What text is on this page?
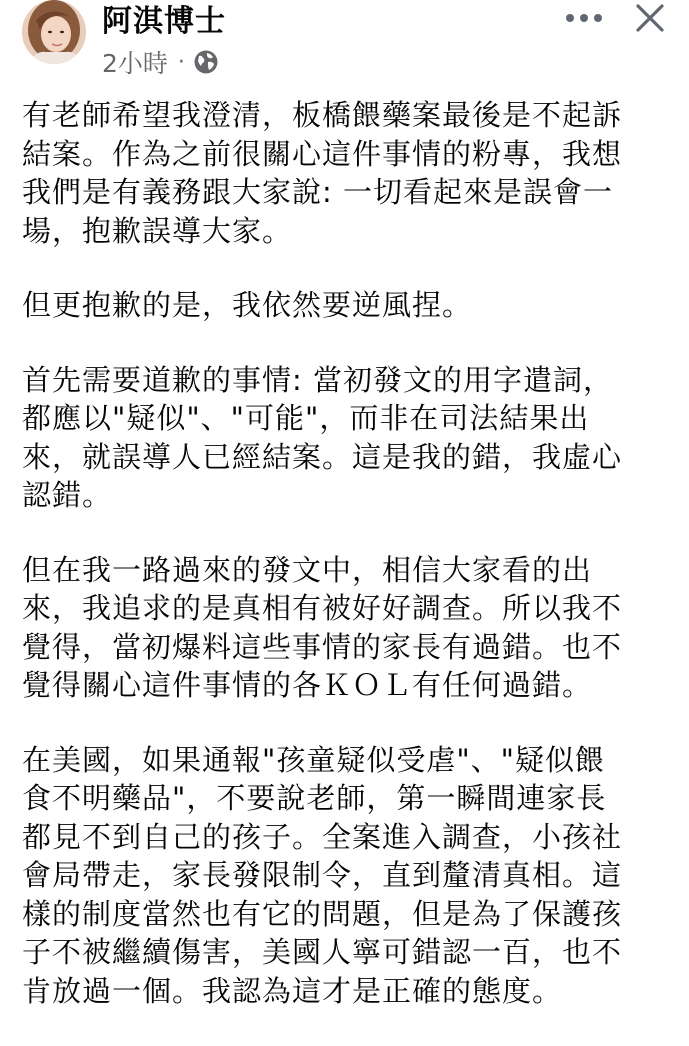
阿淇博士
2小時 ·

有老師希望我澄清，板橋餵藥案最後是不起訴
結案。作為之前很關心這件事情的粉專，我想
我們是有義務跟大家說: 一切看起來是誤會一
場，抱歉誤導大家。

但更抱歉的是，我依然要逆風捏。

首先需要道歉的事情: 當初發文的用字遣詞，
都應以"疑似"、"可能"，而非在司法結果出
來，就誤導人已經結案。這是我的錯，我虛心
認錯。

但在我一路過來的發文中，相信大家看的出
來，我追求的是真相有被好好調查。所以我不
覺得，當初爆料這些事情的家長有過錯。也不
覺得關心這件事情的各ＫＯＬ有任何過錯。

在美國，如果通報"孩童疑似受虐"、"疑似餵
食不明藥品"，不要說老師，第一瞬間連家長
都見不到自己的孩子。全案進入調查，小孩社
會局帶走，家長發限制令，直到釐清真相。這
樣的制度當然也有它的問題，但是為了保護孩
子不被繼續傷害，美國人寧可錯認一百，也不
肯放過一個。我認為這才是正確的態度。
